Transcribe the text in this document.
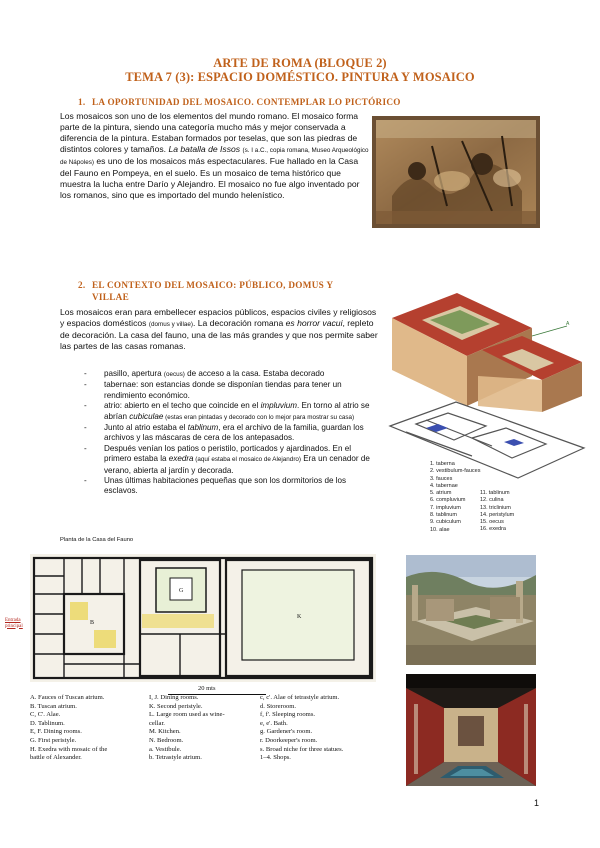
ARTE DE ROMA (BLOQUE 2)
TEMA 7 (3): ESPACIO DOMÉSTICO. PINTURA Y MOSAICO
1. LA OPORTUNIDAD DEL MOSAICO. CONTEMPLAR LO PICTÓRICO
Los mosaicos son uno de los elementos del mundo romano. El mosaico forma parte de la pintura, siendo una categoría mucho más y mejor conservada a diferencia de la pintura. Estaban formados por teselas, que son las piedras de distintos colores y tamaños. La batalla de Issos (s. I a.C., copia romana, Museo Arqueológico de Nápoles) es uno de los mosaicos más espectaculares. Fue hallado en la Casa del Fauno en Pompeya, en el suelo. Es un mosaico de tema histórico que muestra la lucha entre Darío y Alejandro. El mosaico no fue algo inventado por los romanos, sino que es importado del mundo helenístico.
2. EL CONTEXTO DEL MOSAICO: PÚBLICO, DOMUS Y
VILLAE
Los mosaicos eran para embellecer espacios públicos, espacios civiles y religiosos y espacios domésticos (domus y villae). La decoración romana es horror vacui, repleto de decoración. La casa del fauno, una de las más grandes y que nos permite saber las partes de las casas romanas.
- pasillo, apertura (oecus) de acceso a la casa. Estaba decorado
- tabernae: son estancias donde se disponían tiendas para tener un rendimiento económico.
- atrio: abierto en el techo que coincide en el impluvium. En torno al atrio se abrían cubiculae (estas eran pintadas y decorado con lo mejor para mostrar su casa)
- Junto al atrio estaba el tablinum, era el archivo de la familia, guardan los archivos y las máscaras de cera de los antepasados.
- Después venían los patios o peristilo, porticados y ajardinados. En el primero estaba la exedra (aquí estaba el mosaico de Alejandro) Era un cenador de verano, abierta al jardín y decorada.
- Unas últimas habitaciones pequeñas que son los dormitorios de los esclavos.
A
1. taberna
2. vestibulum-fauces
3. fauces
4. tabernae
5. atrium
6. compluvium
7. impluvium
8. tablinum
9. cubiculum
10. alae
11. tablinum
12. culina
13. triclinium
14. peristylum
15. oecus
16. exedra
Planta de la Casa del Fauno
K
G
B
Entrada
principal
20 mts
A. Fauces of Tuscan atrium.
B. Tuscan atrium.
C, C'. Alae.
D. Tablinum.
E, F. Dining rooms.
G. First peristyle.
H. Exedra with mosaic of the
battle of Alexander.
I, J. Dining rooms.
K. Second peristyle.
L. Large room used as wine-
cellar.
M. Kitchen.
N. Bedroom.
a. Vestibule.
b. Tetrastyle atrium.
c, c'. Alae of tetrastyle atrium.
d. Storeroom.
f, f'. Sleeping rooms.
e, e'. Bath.
g. Gardener's room.
r. Doorkeeper's room.
s. Broad niche for three statues.
1–4. Shops.
1
